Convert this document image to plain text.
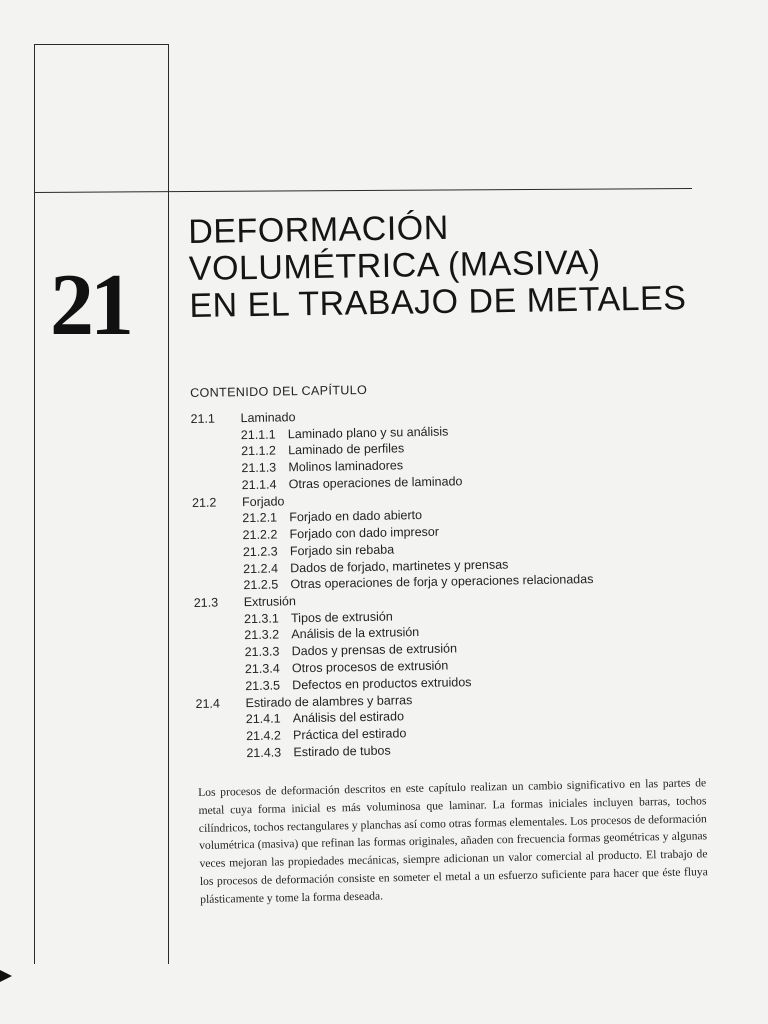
21
DEFORMACIÓN
VOLUMÉTRICA (MASIVA)
EN EL TRABAJO DE METALES
CONTENIDO DEL CAPÍTULO
21.1	Laminado
21.1.1 Laminado plano y su análisis
21.1.2 Laminado de perfiles
21.1.3 Molinos laminadores
21.1.4 Otras operaciones de laminado
21.2	Forjado
21.2.1 Forjado en dado abierto
21.2.2 Forjado con dado impresor
21.2.3 Forjado sin rebaba
21.2.4 Dados de forjado, martinetes y prensas
21.2.5 Otras operaciones de forja y operaciones relacionadas
21.3	Extrusión
21.3.1 Tipos de extrusión
21.3.2 Análisis de la extrusión
21.3.3 Dados y prensas de extrusión
21.3.4 Otros procesos de extrusión
21.3.5 Defectos en productos extruidos
21.4	Estirado de alambres y barras
21.4.1 Análisis del estirado
21.4.2 Práctica del estirado
21.4.3 Estirado de tubos
Los procesos de deformación descritos en este capítulo realizan un cambio significativo en las partes de metal cuya forma inicial es más voluminosa que laminar. La formas iniciales incluyen barras, tochos cilíndricos, tochos rectangulares y planchas así como otras formas elementales. Los procesos de deformación volumétrica (masiva) que refinan las formas originales, añaden con frecuencia formas geométricas y algunas veces mejoran las propiedades mecánicas, siempre adicionan un valor comercial al producto. El trabajo de los procesos de deformación consiste en someter el metal a un esfuerzo suficiente para hacer que éste fluya plásticamente y tome la forma deseada.
